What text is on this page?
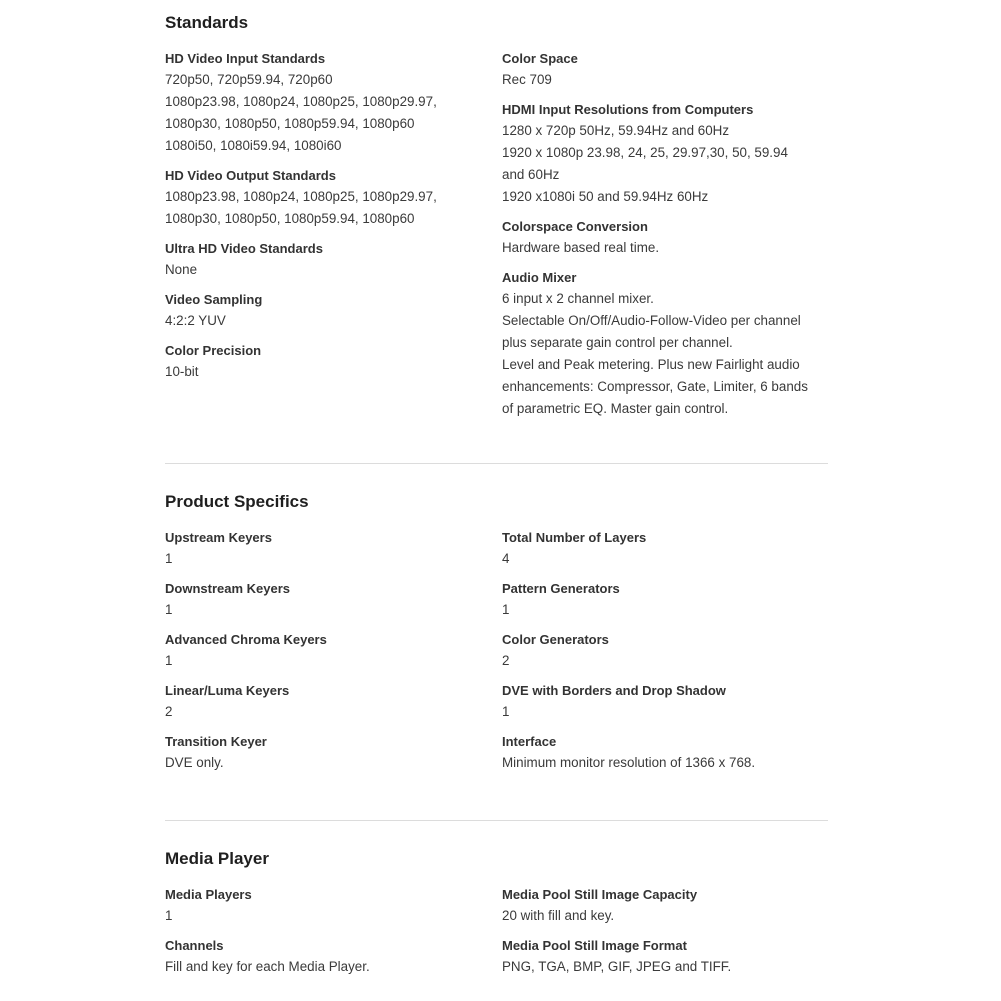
Standards
HD Video Input Standards
720p50, 720p59.94, 720p60
1080p23.98, 1080p24, 1080p25, 1080p29.97,
1080p30, 1080p50, 1080p59.94, 1080p60
1080i50, 1080i59.94, 1080i60
HD Video Output Standards
1080p23.98, 1080p24, 1080p25, 1080p29.97,
1080p30, 1080p50, 1080p59.94, 1080p60
Ultra HD Video Standards
None
Video Sampling
4:2:2 YUV
Color Precision
10-bit
Color Space
Rec 709
HDMI Input Resolutions from Computers
1280 x 720p 50Hz, 59.94Hz and 60Hz
1920 x 1080p 23.98, 24, 25, 29.97,30, 50, 59.94
and 60Hz
1920 x1080i 50 and 59.94Hz 60Hz
Colorspace Conversion
Hardware based real time.
Audio Mixer
6 input x 2 channel mixer.
Selectable On/Off/Audio-Follow-Video per channel
plus separate gain control per channel.
Level and Peak metering. Plus new Fairlight audio
enhancements: Compressor, Gate, Limiter, 6 bands
of parametric EQ. Master gain control.
Product Specifics
Upstream Keyers
1
Downstream Keyers
1
Advanced Chroma Keyers
1
Linear/Luma Keyers
2
Transition Keyer
DVE only.
Total Number of Layers
4
Pattern Generators
1
Color Generators
2
DVE with Borders and Drop Shadow
1
Interface
Minimum monitor resolution of 1366 x 768.
Media Player
Media Players
1
Channels
Fill and key for each Media Player.
Media Pool Still Image Capacity
20 with fill and key.
Media Pool Still Image Format
PNG, TGA, BMP, GIF, JPEG and TIFF.
